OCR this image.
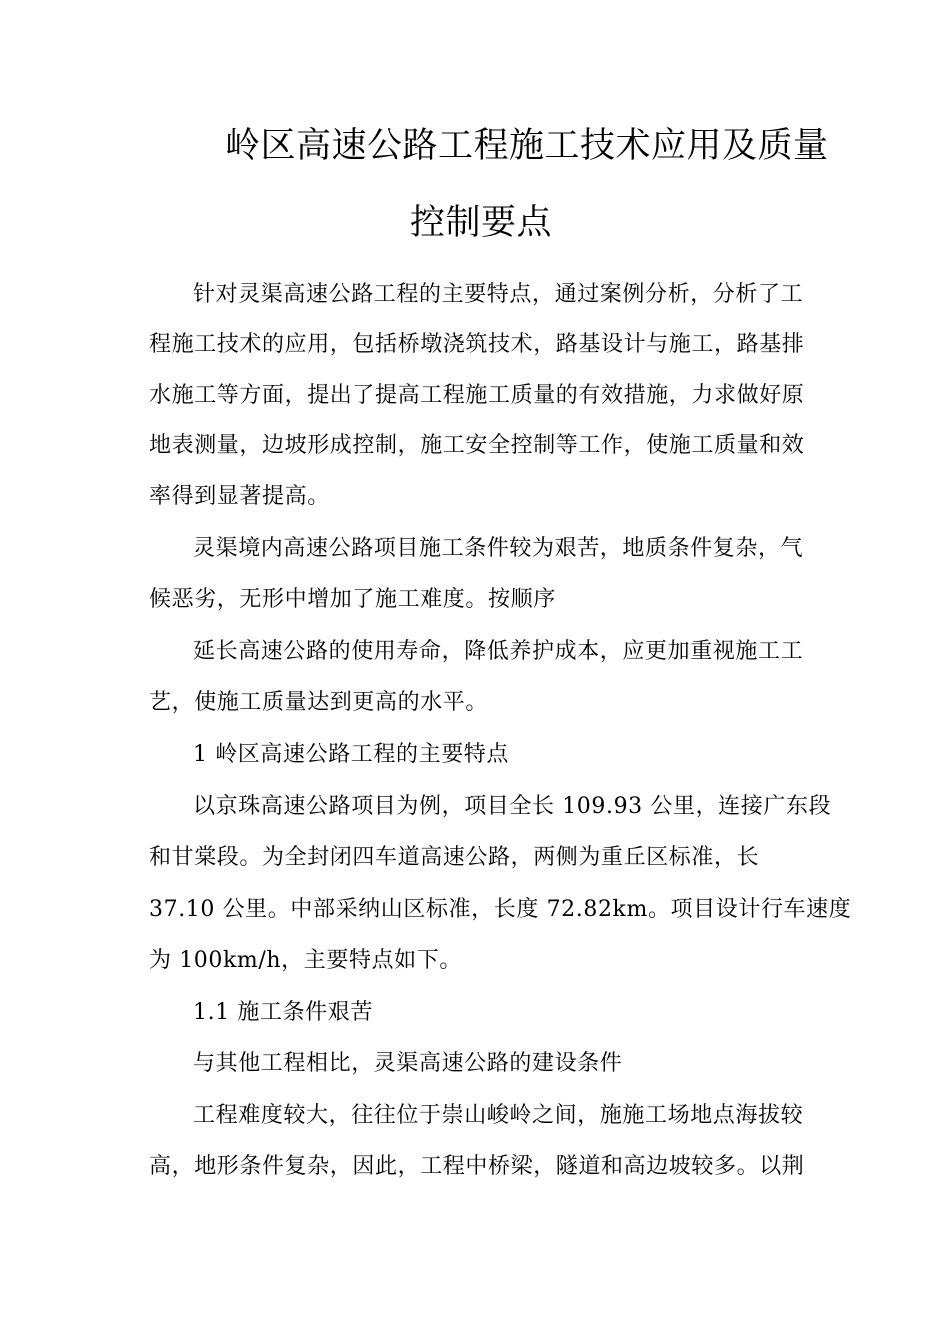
岭区高速公路工程施工技术应用及质量
控制要点
针对灵渠高速公路工程的主要特点，通过案例分析，分析了工
程施工技术的应用，包括桥墩浇筑技术，路基设计与施工，路基排
水施工等方面，提出了提高工程施工质量的有效措施，力求做好原
地表测量，边坡形成控制，施工安全控制等工作，使施工质量和效
率得到显著提高。
灵渠境内高速公路项目施工条件较为艰苦，地质条件复杂，气
候恶劣，无形中增加了施工难度。按顺序
延长高速公路的使用寿命，降低养护成本，应更加重视施工工
艺，使施工质量达到更高的水平。
1 岭区高速公路工程的主要特点
以京珠高速公路项目为例，项目全长 109.93 公里，连接广东段
和甘棠段。为全封闭四车道高速公路，两侧为重丘区标准，长
37.10 公里。中部采纳山区标准，长度 72.82km。项目设计行车速度
为 100km/h，主要特点如下。
1.1 施工条件艰苦
与其他工程相比，灵渠高速公路的建设条件
工程难度较大，往往位于崇山峻岭之间，施施工场地点海拔较
高，地形条件复杂，因此，工程中桥梁，隧道和高边坡较多。以荆
